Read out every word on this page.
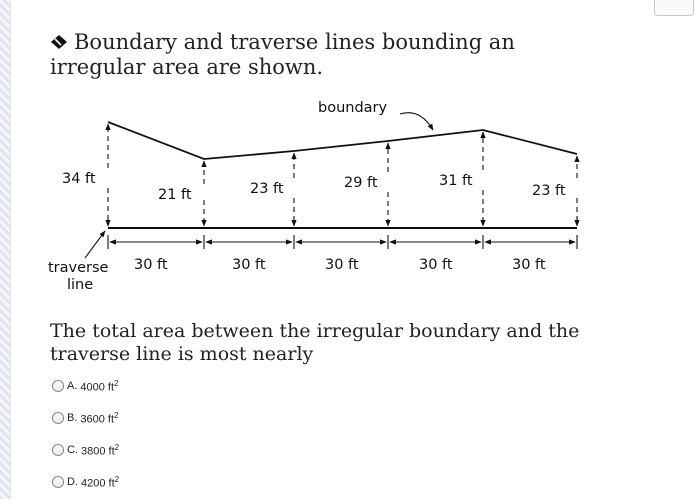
Boundary and traverse lines bounding an irregular area are shown.
boundary
34 ft
21 ft	23 ft	29 ft	31 ft
23 ft
traverse
line
30 ft	30 ft	30 ft	30 ft	30 ft
The total area between the irregular boundary and the traverse line is most nearly
A. 4000 $ft^2$
B. 3600 $ft^2$
C. 3800 $ft^2$
D. 4200 $ft^2$
